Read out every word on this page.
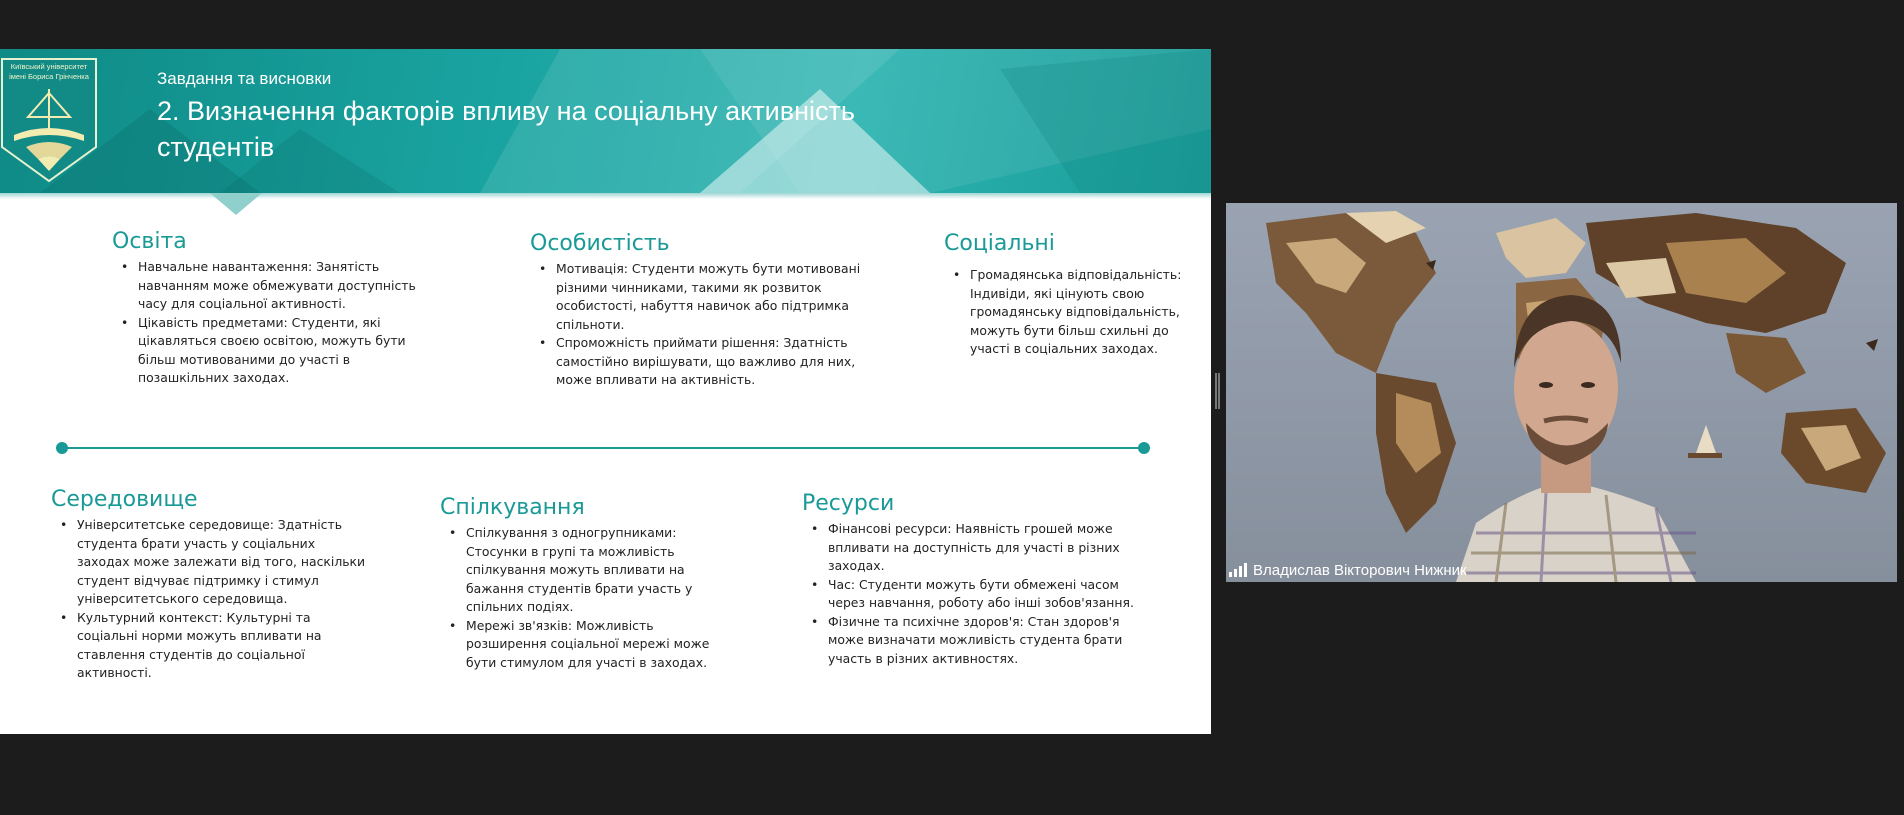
Київський університет
імені Бориса Грінченка	Завдання та висновки
2. Визначення факторів впливу на соціальну активність студентів
Освіта
• Навчальне навантаження: Занятість навчанням може обмежувати доступність часу для соціальної активності.
• Цікавість предметами: Студенти, які цікавляться своєю освітою, можуть бути більш мотивованими до участі в позашкільних заходах.
Особистість
• Мотивація: Студенти можуть бути мотивовані різними чинниками, такими як розвиток особистості, набуття навичок або підтримка спільноти.
• Спроможність приймати рішення: Здатність самостійно вирішувати, що важливо для них, може впливати на активність.
Соціальні
• Громадянська відповідальність: Індивіди, які цінують свою громадянську відповідальність, можуть бути більш схильні до участі в соціальних заходах.
Середовище
• Університетське середовище: Здатність студента брати участь у соціальних заходах може залежати від того, наскільки студент відчуває підтримку і стимул університетського середовища.
• Культурний контекст: Культурні та соціальні норми можуть впливати на ставлення студентів до соціальної активності.
Спілкування
• Спілкування з одногрупниками: Стосунки в групі та можливість спілкування можуть впливати на бажання студентів брати участь у спільних подіях.
• Мережі зв'язків: Можливість розширення соціальної мережі може бути стимулом для участі в заходах.
Ресурси
• Фінансові ресурси: Наявність грошей може впливати на доступність для участі в різних заходах.
• Час: Студенти можуть бути обмежені часом через навчання, роботу або інші зобов'язання.
• Фізичне та психічне здоров'я: Стан здоров'я може визначати можливість студента брати участь в різних активностях.
Владислав Вікторович Нижник
